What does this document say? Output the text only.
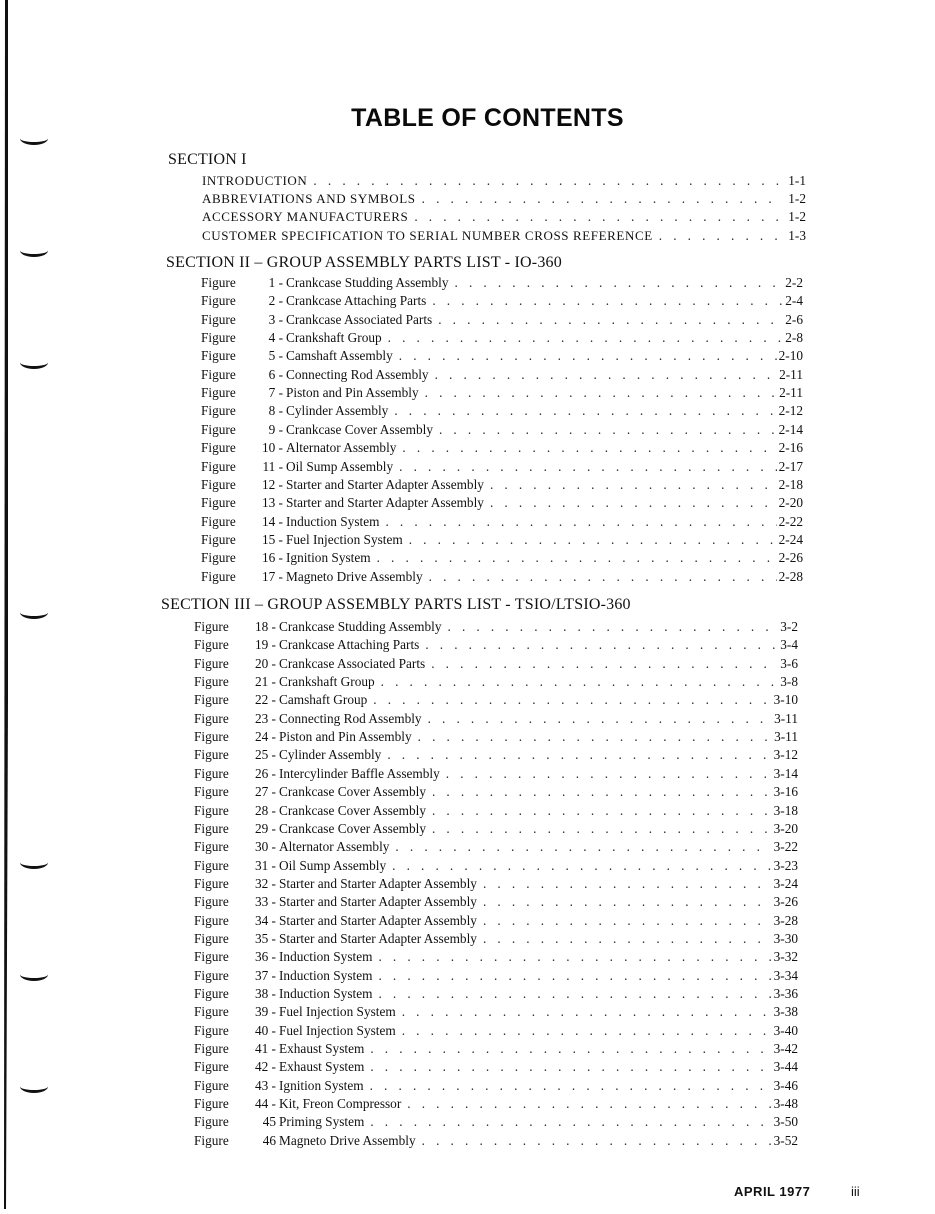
TABLE OF CONTENTS
SECTION I
INTRODUCTION . . .	1-1
ABBREVIATIONS AND SYMBOLS . . .	1-2
ACCESSORY MANUFACTURERS . . .	1-2
CUSTOMER SPECIFICATION TO SERIAL NUMBER CROSS REFERENCE . . .	1-3
SECTION II – GROUP ASSEMBLY PARTS LIST - IO-360
Figure	1 - Crankcase Studding Assembly . . .	2-2
Figure	2 - Crankcase Attaching Parts . . .	2-4
Figure	3 - Crankcase Associated Parts . . .	2-6
Figure	4 - Crankshaft Group . . .	2-8
Figure	5 - Camshaft Assembly . . .	2-10
Figure	6 - Connecting Rod Assembly . . .	2-11
Figure	7 - Piston and Pin Assembly . . .	2-11
Figure	8 - Cylinder Assembly . . .	2-12
Figure	9 - Crankcase Cover Assembly . . .	2-14
Figure	10 - Alternator Assembly . . .	2-16
Figure	11 - Oil Sump Assembly . . .	2-17
Figure	12 - Starter and Starter Adapter Assembly . . .	2-18
Figure	13 - Starter and Starter Adapter Assembly . . .	2-20
Figure	14 - Induction System . . .	2-22
Figure	15 - Fuel Injection System . . .	2-24
Figure	16 - Ignition System . . .	2-26
Figure	17 - Magneto Drive Assembly . . .	2-28
SECTION III – GROUP ASSEMBLY PARTS LIST - TSIO/LTSIO-360
Figure	18 - Crankcase Studding Assembly . . .	3-2
Figure	19 - Crankcase Attaching Parts . . .	3-4
Figure	20 - Crankcase Associated Parts . . .	3-6
Figure	21 - Crankshaft Group . . .	3-8
Figure	22 - Camshaft Group . . .	3-10
Figure	23 - Connecting Rod Assembly . . .	3-11
Figure	24 - Piston and Pin Assembly . . .	3-11
Figure	25 - Cylinder Assembly . . .	3-12
Figure	26 - Intercylinder Baffle Assembly . . .	3-14
Figure	27 - Crankcase Cover Assembly . . .	3-16
Figure	28 - Crankcase Cover Assembly . . .	3-18
Figure	29 - Crankcase Cover Assembly . . .	3-20
Figure	30 - Alternator Assembly . . .	3-22
Figure	31 - Oil Sump Assembly . . .	3-23
Figure	32 - Starter and Starter Adapter Assembly . . .	3-24
Figure	33 - Starter and Starter Adapter Assembly . . .	3-26
Figure	34 - Starter and Starter Adapter Assembly . . .	3-28
Figure	35 - Starter and Starter Adapter Assembly . . .	3-30
Figure	36 - Induction System . . .	3-32
Figure	37 - Induction System . . .	3-34
Figure	38 - Induction System . . .	3-36
Figure	39 - Fuel Injection System . . .	3-38
Figure	40 - Fuel Injection System . . .	3-40
Figure	41 - Exhaust System . . .	3-42
Figure	42 - Exhaust System . . .	3-44
Figure	43 - Ignition System . . .	3-46
Figure	44 - Kit, Freon Compressor . . .	3-48
Figure	45 Priming System . . .	3-50
Figure	46 Magneto Drive Assembly . . .	3-52
APRIL 1977	iii
